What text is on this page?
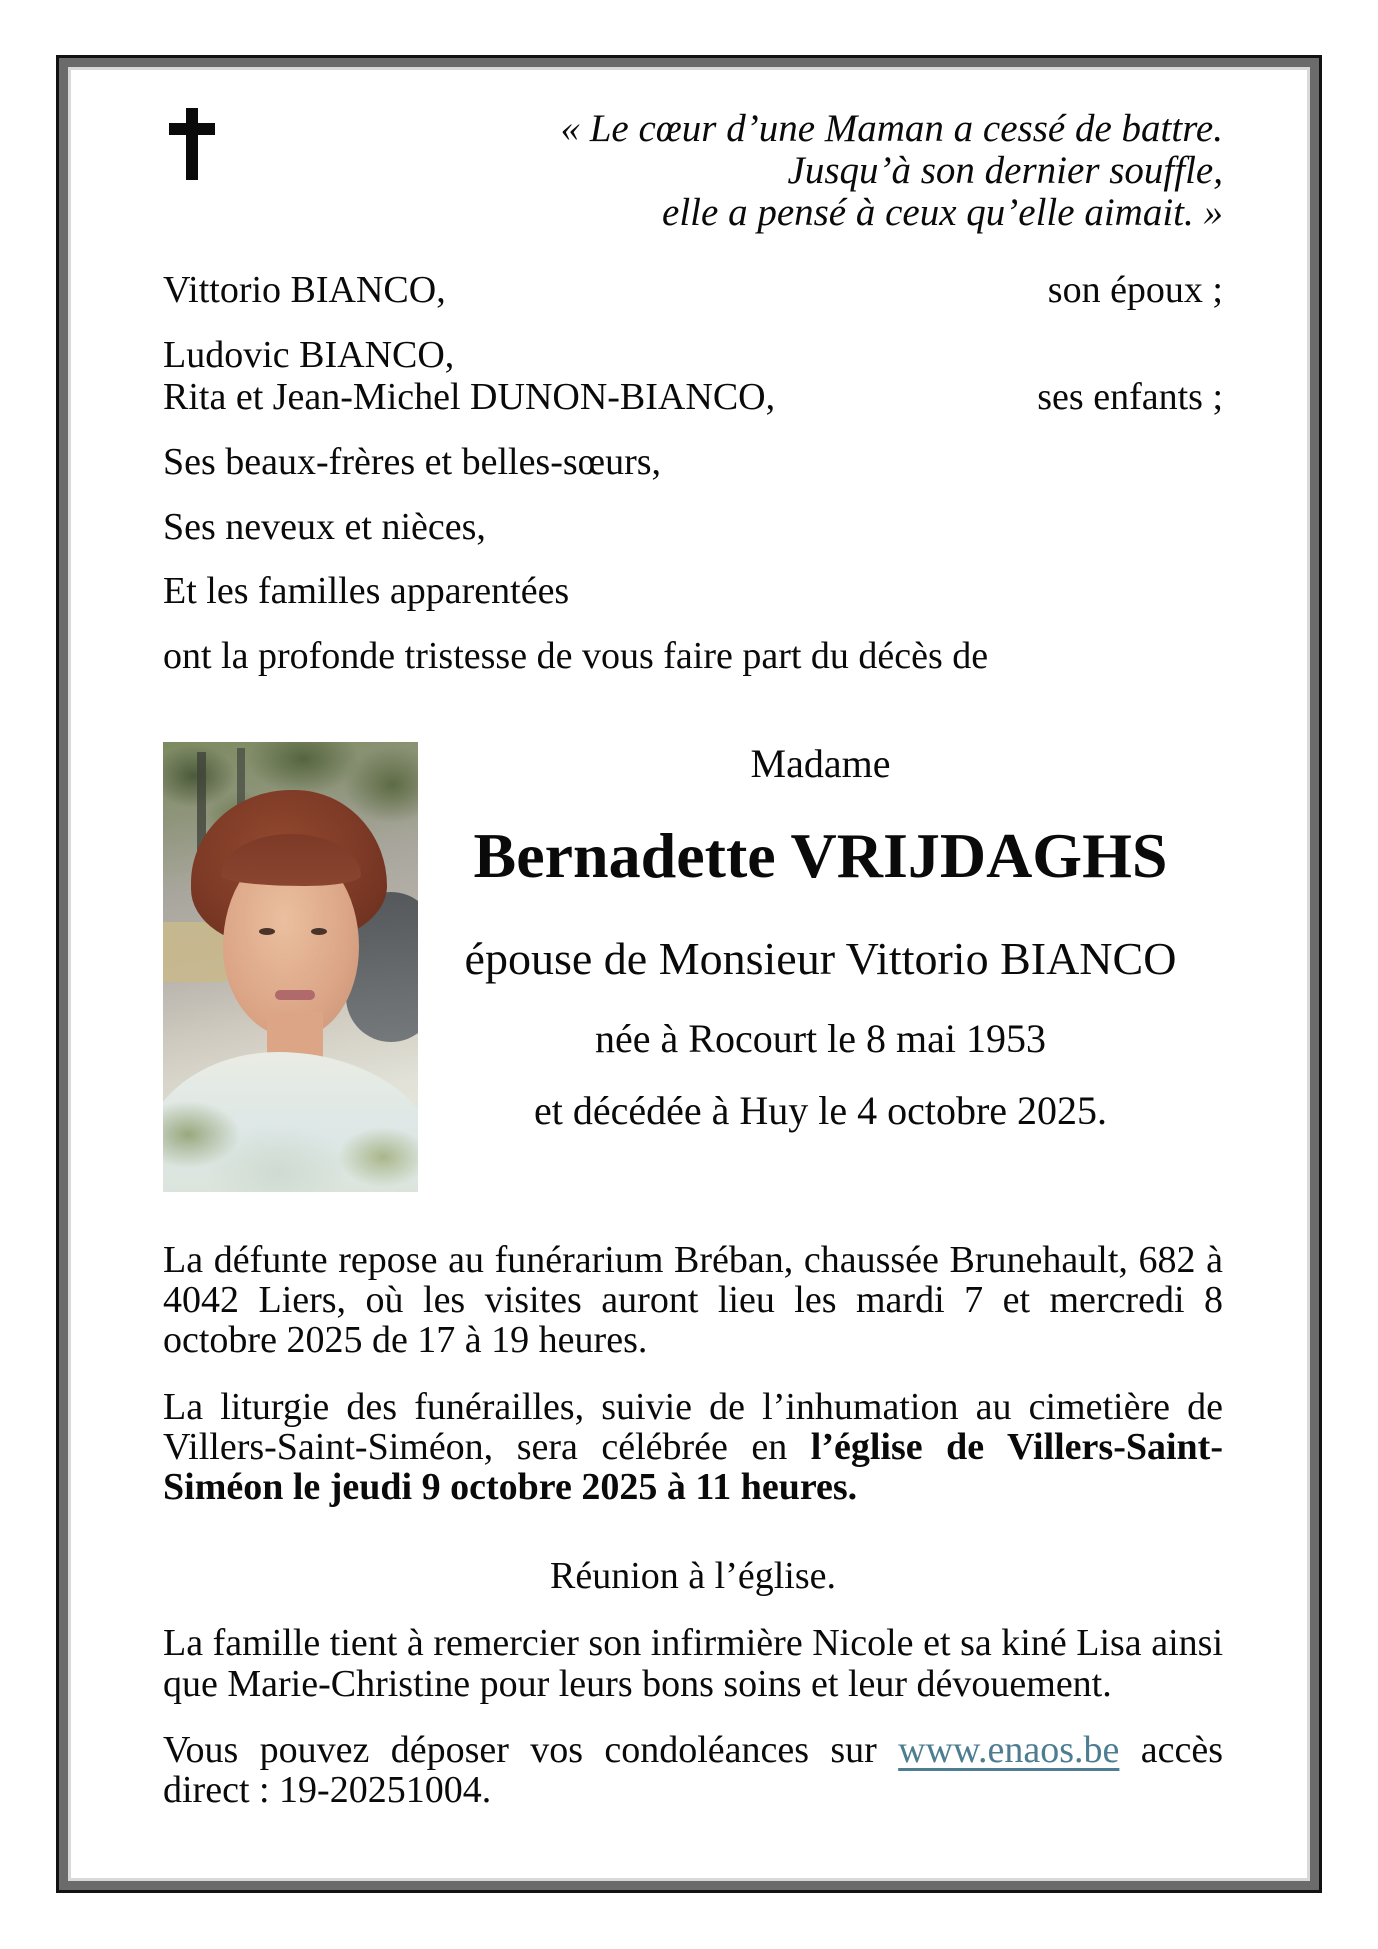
« Le cœur d’une Maman a cessé de battre.
Jusqu’à son dernier souffle,
elle a pensé à ceux qu’elle aimait. »
Vittorio BIANCO,	son époux ;
Ludovic BIANCO,
Rita et Jean-Michel DUNON-BIANCO,	ses enfants ;
Ses beaux-frères et belles-sœurs,
Ses neveux et nièces,
Et les familles apparentées
ont la profonde tristesse de vous faire part du décès de
Madame
Bernadette VRIJDAGHS
épouse de Monsieur Vittorio BIANCO
née à Rocourt le 8 mai 1953
et décédée à Huy le 4 octobre 2025.
La défunte repose au funérarium Bréban, chaussée Brunehault, 682 à 4042 Liers, où les visites auront lieu les mardi 7 et mercredi 8 octobre 2025 de 17 à 19 heures.
La liturgie des funérailles, suivie de l’inhumation au cimetière de Villers-Saint-Siméon, sera célébrée en l’église de Villers-Saint-Siméon le jeudi 9 octobre 2025 à 11 heures.
Réunion à l’église.
La famille tient à remercier son infirmière Nicole et sa kiné Lisa ainsi que Marie-Christine pour leurs bons soins et leur dévouement.
Vous pouvez déposer vos condoléances sur www.enaos.be accès direct : 19-20251004.
